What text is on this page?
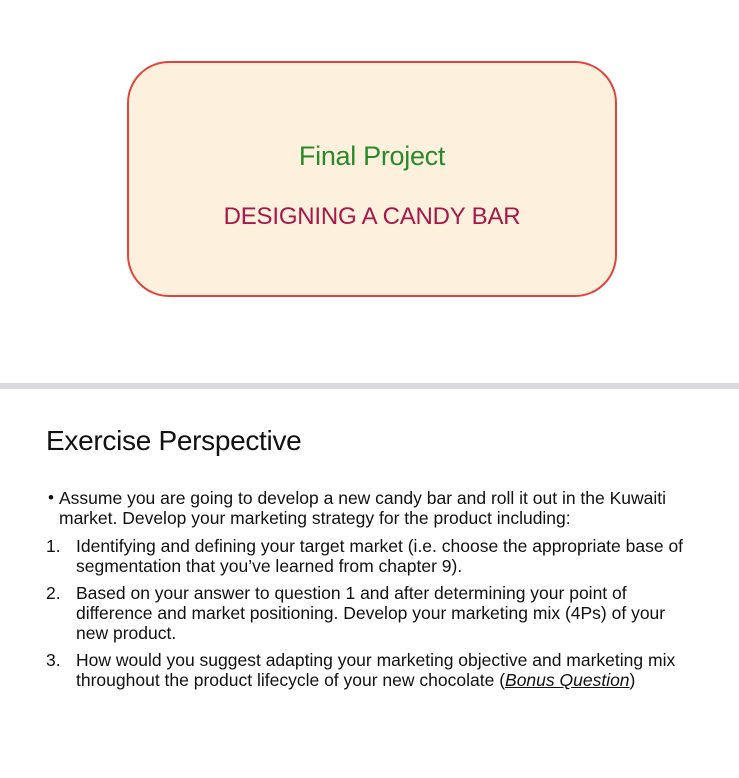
Final Project
DESIGNING A CANDY BAR
Exercise Perspective
• Assume you are going to develop a new candy bar and roll it out in the Kuwaiti market. Develop your marketing strategy for the product including:
1. Identifying and defining your target market (i.e. choose the appropriate base of segmentation that you’ve learned from chapter 9).
2. Based on your answer to question 1 and after determining your point of difference and market positioning. Develop your marketing mix (4Ps) of your new product.
3. How would you suggest adapting your marketing objective and marketing mix throughout the product lifecycle of your new chocolate (Bonus Question)
